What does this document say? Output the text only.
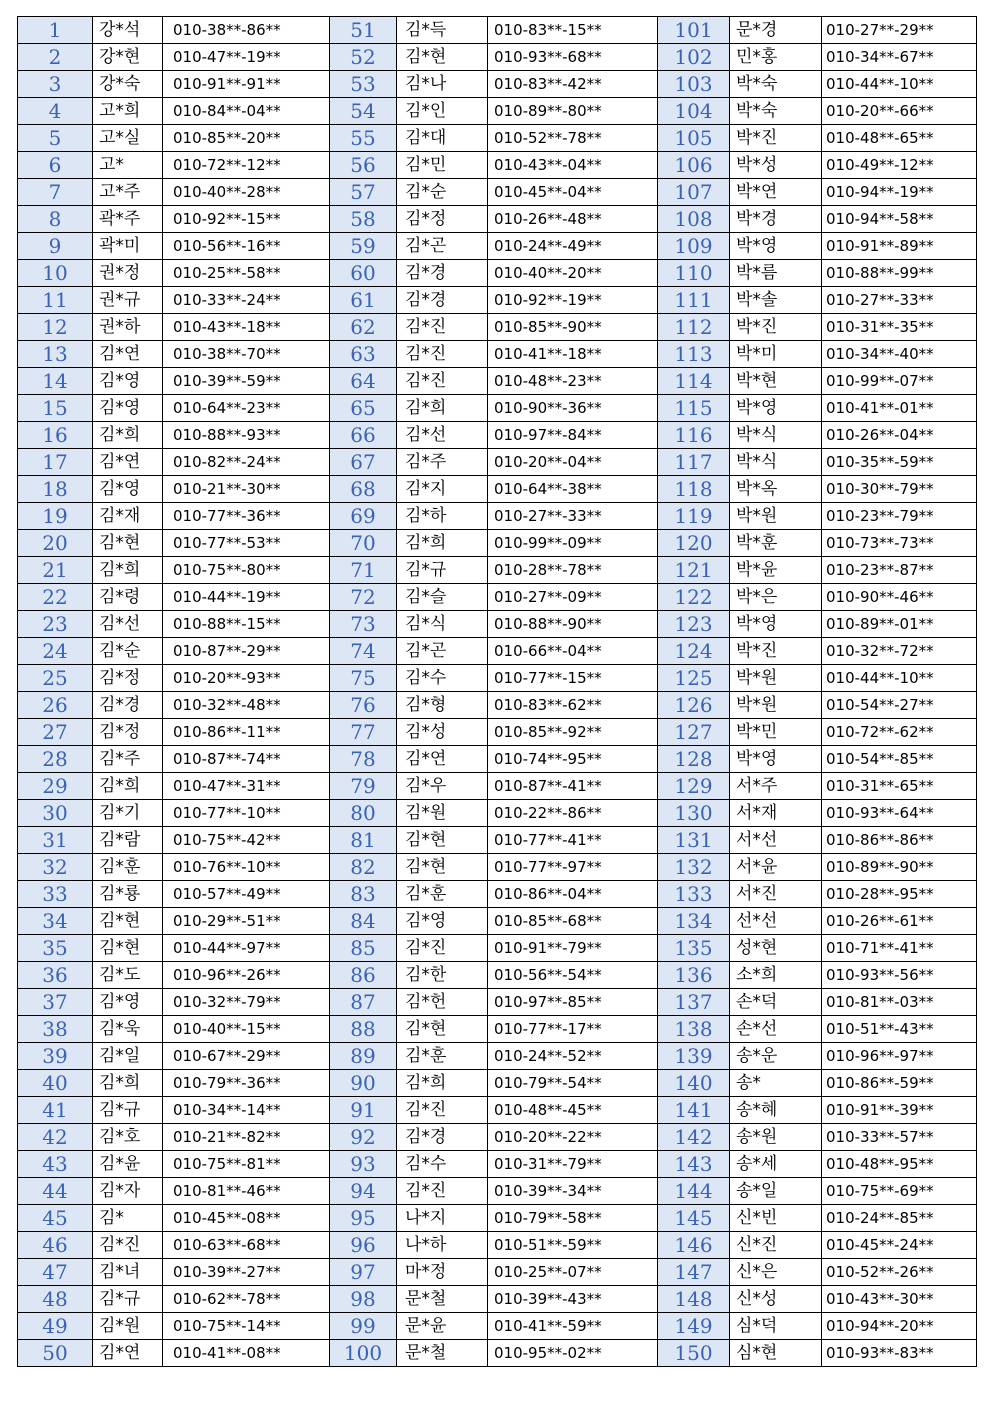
1	강*석	010-38**-86**	51	김*득	010-83**-15**	101	문*경	010-27**-29**
2	강*현	010-47**-19**	52	김*현	010-93**-68**	102	민*홍	010-34**-67**
3	강*숙	010-91**-91**	53	김*나	010-83**-42**	103	박*숙	010-44**-10**
4	고*희	010-84**-04**	54	김*인	010-89**-80**	104	박*숙	010-20**-66**
5	고*실	010-85**-20**	55	김*대	010-52**-78**	105	박*진	010-48**-65**
6	고*	010-72**-12**	56	김*민	010-43**-04**	106	박*성	010-49**-12**
7	고*주	010-40**-28**	57	김*순	010-45**-04**	107	박*연	010-94**-19**
8	곽*주	010-92**-15**	58	김*정	010-26**-48**	108	박*경	010-94**-58**
9	곽*미	010-56**-16**	59	김*곤	010-24**-49**	109	박*영	010-91**-89**
10	권*정	010-25**-58**	60	김*경	010-40**-20**	110	박*름	010-88**-99**
11	권*규	010-33**-24**	61	김*경	010-92**-19**	111	박*솔	010-27**-33**
12	권*하	010-43**-18**	62	김*진	010-85**-90**	112	박*진	010-31**-35**
13	김*연	010-38**-70**	63	김*진	010-41**-18**	113	박*미	010-34**-40**
14	김*영	010-39**-59**	64	김*진	010-48**-23**	114	박*현	010-99**-07**
15	김*영	010-64**-23**	65	김*희	010-90**-36**	115	박*영	010-41**-01**
16	김*희	010-88**-93**	66	김*선	010-97**-84**	116	박*식	010-26**-04**
17	김*연	010-82**-24**	67	김*주	010-20**-04**	117	박*식	010-35**-59**
18	김*영	010-21**-30**	68	김*지	010-64**-38**	118	박*옥	010-30**-79**
19	김*재	010-77**-36**	69	김*하	010-27**-33**	119	박*원	010-23**-79**
20	김*현	010-77**-53**	70	김*희	010-99**-09**	120	박*훈	010-73**-73**
21	김*희	010-75**-80**	71	김*규	010-28**-78**	121	박*윤	010-23**-87**
22	김*령	010-44**-19**	72	김*슬	010-27**-09**	122	박*은	010-90**-46**
23	김*선	010-88**-15**	73	김*식	010-88**-90**	123	박*영	010-89**-01**
24	김*순	010-87**-29**	74	김*곤	010-66**-04**	124	박*진	010-32**-72**
25	김*정	010-20**-93**	75	김*수	010-77**-15**	125	박*원	010-44**-10**
26	김*경	010-32**-48**	76	김*형	010-83**-62**	126	박*원	010-54**-27**
27	김*정	010-86**-11**	77	김*성	010-85**-92**	127	박*민	010-72**-62**
28	김*주	010-87**-74**	78	김*연	010-74**-95**	128	박*영	010-54**-85**
29	김*희	010-47**-31**	79	김*우	010-87**-41**	129	서*주	010-31**-65**
30	김*기	010-77**-10**	80	김*원	010-22**-86**	130	서*재	010-93**-64**
31	김*람	010-75**-42**	81	김*현	010-77**-41**	131	서*선	010-86**-86**
32	김*훈	010-76**-10**	82	김*현	010-77**-97**	132	서*윤	010-89**-90**
33	김*룡	010-57**-49**	83	김*훈	010-86**-04**	133	서*진	010-28**-95**
34	김*현	010-29**-51**	84	김*영	010-85**-68**	134	선*선	010-26**-61**
35	김*현	010-44**-97**	85	김*진	010-91**-79**	135	성*현	010-71**-41**
36	김*도	010-96**-26**	86	김*한	010-56**-54**	136	소*희	010-93**-56**
37	김*영	010-32**-79**	87	김*헌	010-97**-85**	137	손*덕	010-81**-03**
38	김*욱	010-40**-15**	88	김*현	010-77**-17**	138	손*선	010-51**-43**
39	김*일	010-67**-29**	89	김*훈	010-24**-52**	139	송*운	010-96**-97**
40	김*희	010-79**-36**	90	김*희	010-79**-54**	140	송*	010-86**-59**
41	김*규	010-34**-14**	91	김*진	010-48**-45**	141	송*혜	010-91**-39**
42	김*호	010-21**-82**	92	김*경	010-20**-22**	142	송*원	010-33**-57**
43	김*윤	010-75**-81**	93	김*수	010-31**-79**	143	송*세	010-48**-95**
44	김*자	010-81**-46**	94	김*진	010-39**-34**	144	송*일	010-75**-69**
45	김*	010-45**-08**	95	나*지	010-79**-58**	145	신*빈	010-24**-85**
46	김*진	010-63**-68**	96	나*하	010-51**-59**	146	신*진	010-45**-24**
47	김*녀	010-39**-27**	97	마*정	010-25**-07**	147	신*은	010-52**-26**
48	김*규	010-62**-78**	98	문*철	010-39**-43**	148	신*성	010-43**-30**
49	김*원	010-75**-14**	99	문*윤	010-41**-59**	149	심*덕	010-94**-20**
50	김*연	010-41**-08**	100	문*철	010-95**-02**	150	심*현	010-93**-83**
